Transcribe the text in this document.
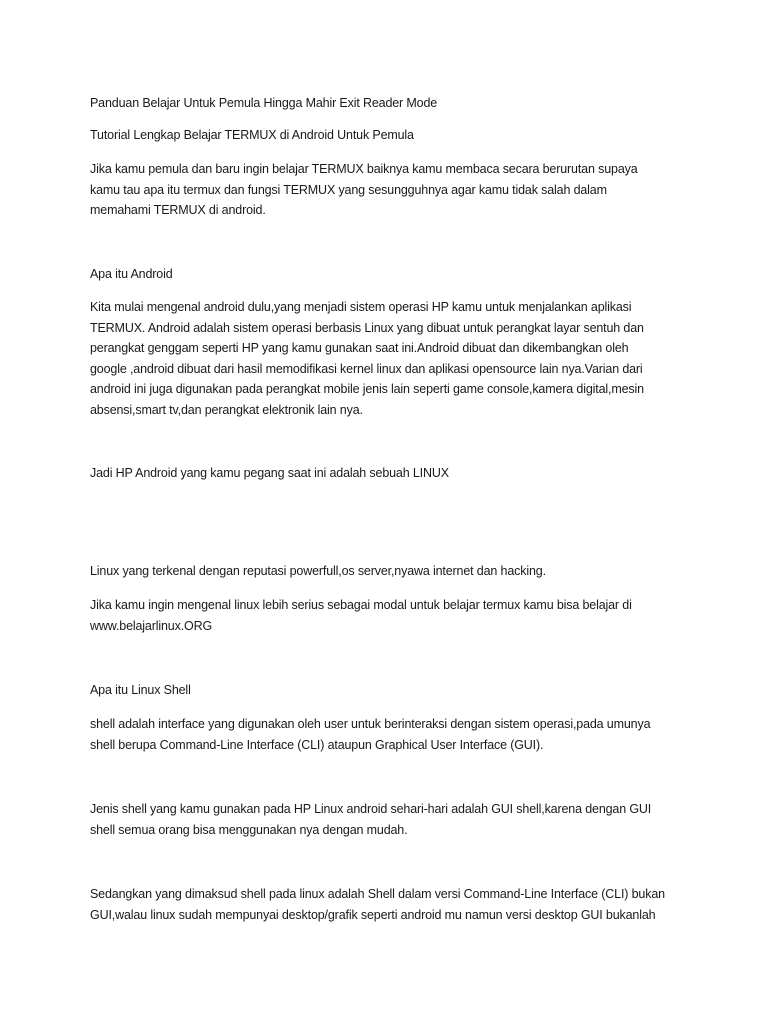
Panduan Belajar Untuk Pemula Hingga Mahir Exit Reader Mode

Tutorial Lengkap Belajar TERMUX di Android Untuk Pemula

Jika kamu pemula dan baru ingin belajar TERMUX baiknya kamu membaca secara berurutan supaya
kamu tau apa itu termux dan fungsi TERMUX yang sesungguhnya agar kamu tidak salah dalam
memahami TERMUX di android.

Apa itu Android

Kita mulai mengenal android dulu,yang menjadi sistem operasi HP kamu untuk menjalankan aplikasi
TERMUX. Android adalah sistem operasi berbasis Linux yang dibuat untuk perangkat layar sentuh dan
perangkat genggam seperti HP yang kamu gunakan saat ini.Android dibuat dan dikembangkan oleh
google ,android dibuat dari hasil memodifikasi kernel linux dan aplikasi opensource lain nya.Varian dari
android ini juga digunakan pada perangkat mobile jenis lain seperti game console,kamera digital,mesin
absensi,smart tv,dan perangkat elektronik lain nya.

Jadi HP Android yang kamu pegang saat ini adalah sebuah LINUX

Linux yang terkenal dengan reputasi powerfull,os server,nyawa internet dan hacking.

Jika kamu ingin mengenal linux lebih serius sebagai modal untuk belajar termux kamu bisa belajar di
www.belajarlinux.ORG

Apa itu Linux Shell

shell adalah interface yang digunakan oleh user untuk berinteraksi dengan sistem operasi,pada umunya
shell berupa Command-Line Interface (CLI) ataupun Graphical User Interface (GUI).

Jenis shell yang kamu gunakan pada HP Linux android sehari-hari adalah GUI shell,karena dengan GUI
shell semua orang bisa menggunakan nya dengan mudah.

Sedangkan yang dimaksud shell pada linux adalah Shell dalam versi Command-Line Interface (CLI) bukan
GUI,walau linux sudah mempunyai desktop/grafik seperti android mu namun versi desktop GUI bukanlah
